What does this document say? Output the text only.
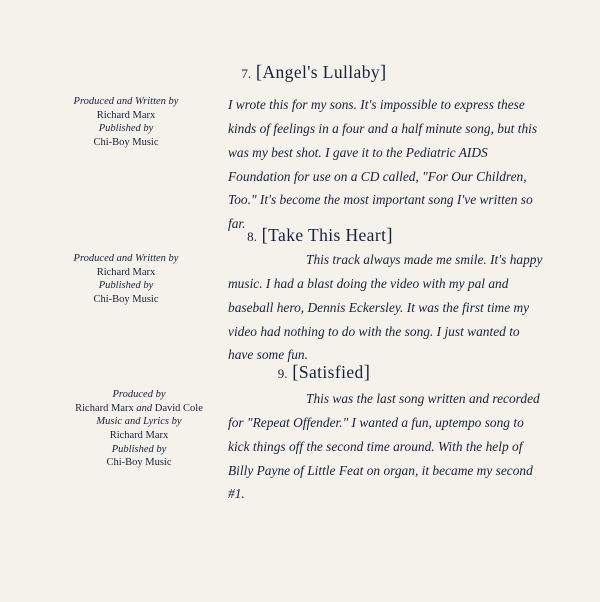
7. [Angel's Lullaby]
Produced and Written by
Richard Marx
Published by
Chi-Boy Music
I wrote this for my sons. It's impossible to express these kinds of feelings in a four and a half minute song, but this was my best shot. I gave it to the Pediatric AIDS Foundation for use on a CD called, "For Our Children, Too." It's become the most important song I've written so far.
8. [Take This Heart]
Produced and Written by
Richard Marx
Published by
Chi-Boy Music
This track always made me smile. It's happy music. I had a blast doing the video with my pal and baseball hero, Dennis Eckersley. It was the first time my video had nothing to do with the song. I just wanted to have some fun.
9. [Satisfied]
Produced by
Richard Marx and David Cole
Music and Lyrics by
Richard Marx
Published by
Chi-Boy Music
This was the last song written and recorded for "Repeat Offender." I wanted a fun, uptempo song to kick things off the second time around. With the help of Billy Payne of Little Feat on organ, it became my second #1.
